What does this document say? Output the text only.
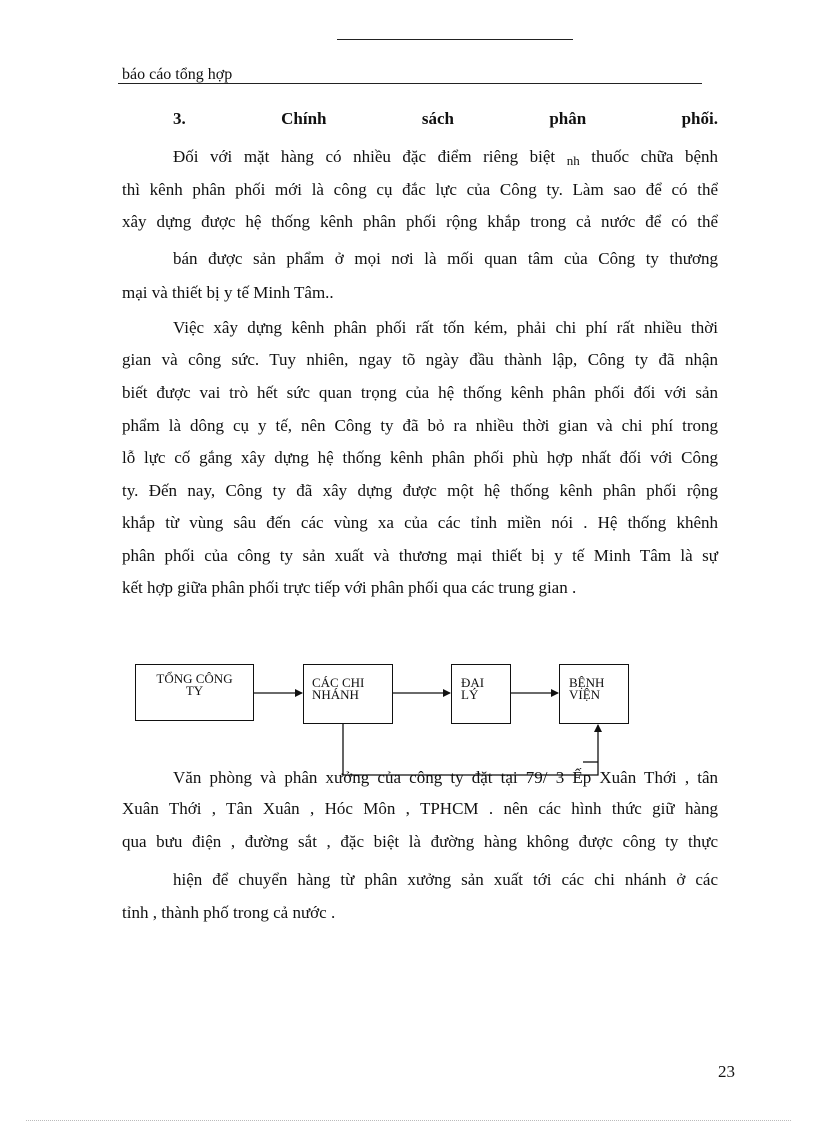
báo cáo tổng hợp
3.	Chính	sách	phân	phối.
Đối với mặt hàng có nhiều đặc điểm riêng biệt nh thuốc chữa bệnh
thì kênh phân phối mới là công cụ đắc lực của Công ty. Làm sao để có thể
xây dựng được hệ thống kênh phân phối rộng khắp trong cả nước để có thể
bán được sản phẩm ở mọi nơi là mối quan tâm của Công ty thương
mại và thiết bị y tế Minh Tâm..
Việc xây dựng kênh phân phối rất tốn kém, phải chi phí rất nhiều thời
gian và công sức. Tuy nhiên, ngay tõ ngày đầu thành lập, Công ty đã nhận
biết được vai trò hết sức quan trọng của hệ thống kênh phân phối đối với sản
phẩm là dông cụ y tế, nên Công ty đã bỏ ra nhiều thời gian và chi phí trong
lỗ lực cố gắng xây dựng hệ thống kênh phân phối phù hợp nhất đối với Công
ty. Đến nay, Công ty đã xây dựng được một hệ thống kênh phân phối rộng
khắp từ vùng sâu đến các vùng xa của các tỉnh miền nói . Hệ thống khênh
phân phối của công ty sản xuất và thương mại thiết bị y tế Minh Tâm là sự
kết hợp giữa phân phối trực tiếp với phân phối qua các trung gian .
TỔNG CÔNG
TY
CÁC CHI
NHÁNH
ĐẠI
LÝ
BỆNH
VIỆN
Văn phòng và phân xưởng của công ty đặt tại 79/ 3 Ếp Xuân Thới , tân
Xuân Thới , Tân Xuân , Hóc Môn , TPHCM . nên các hình thức giữ hàng
qua bưu điện , đường sắt , đặc biệt là đường hàng không được công ty thực
hiện để chuyển hàng từ phân xưởng sản xuất tới các chi nhánh ở các
tỉnh , thành phố trong cả nước .
23
